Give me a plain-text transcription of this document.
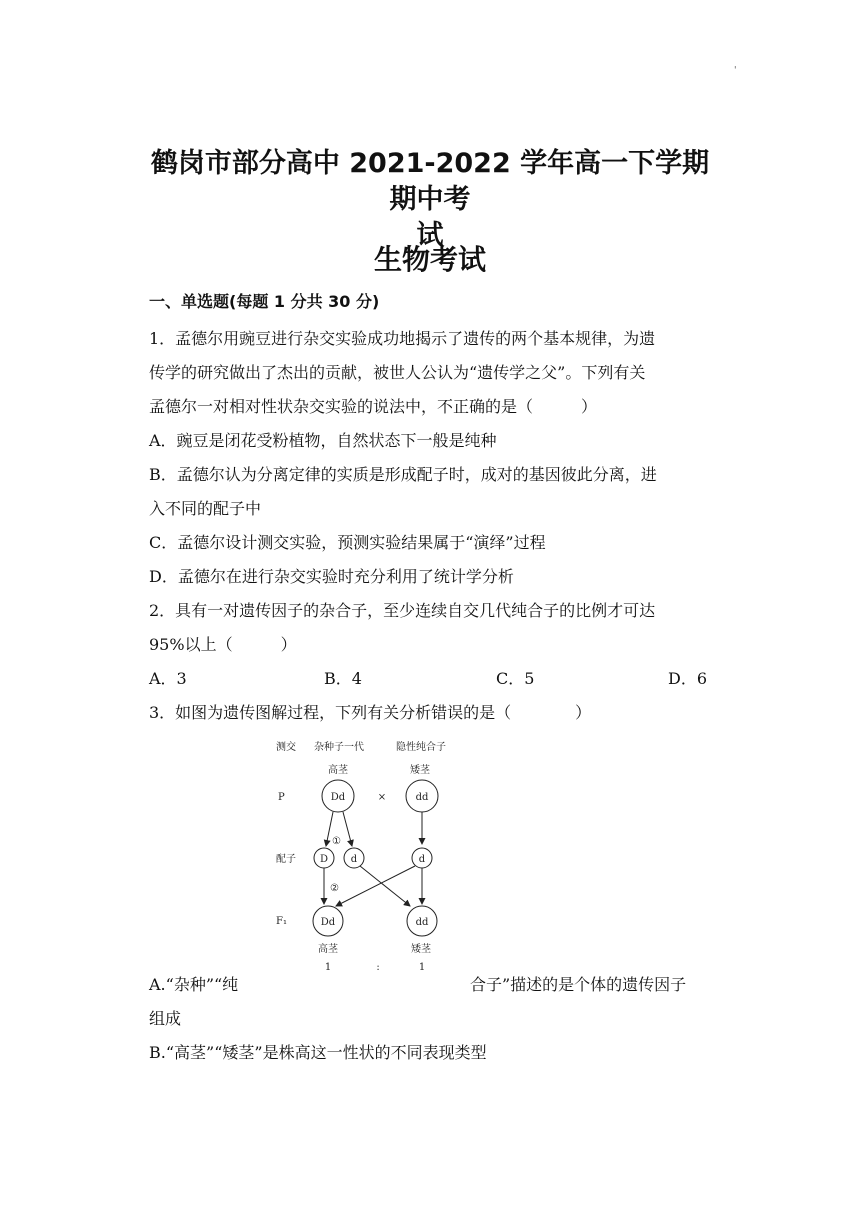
'
鹤岗市部分高中 2021-2022 学年高一下学期期中考
试
生物考试
一、单选题(每题 1 分共 30 分)
1．孟德尔用豌豆进行杂交实验成功地揭示了遗传的两个基本规律，为遗
传学的研究做出了杰出的贡献，被世人公认为“遗传学之父”。下列有关
孟德尔一对相对性状杂交实验的说法中，不正确的是（　　　）
A．豌豆是闭花受粉植物，自然状态下一般是纯种
B．孟德尔认为分离定律的实质是形成配子时，成对的基因彼此分离，进
入不同的配子中
C．孟德尔设计测交实验，预测实验结果属于“演绎”过程
D．孟德尔在进行杂交实验时充分利用了统计学分析
2．具有一对遗传因子的杂合子，至少连续自交几代纯合子的比例才可达
95%以上（　　　）
A．3	B．4	C．5	D．6
3．如图为遗传图解过程，下列有关分析错误的是（　　　　）
测交 杂种子一代	隐性纯合子
高茎	矮茎
P	Dd	×	dd
①
配子 D d	d
②
F₁	Dd	dd
高茎	矮茎
1	:	1
A.“杂种”“纯	合子”描述的是个体的遗传因子
组成
B.“高茎”“矮茎”是株高这一性状的不同表现类型
